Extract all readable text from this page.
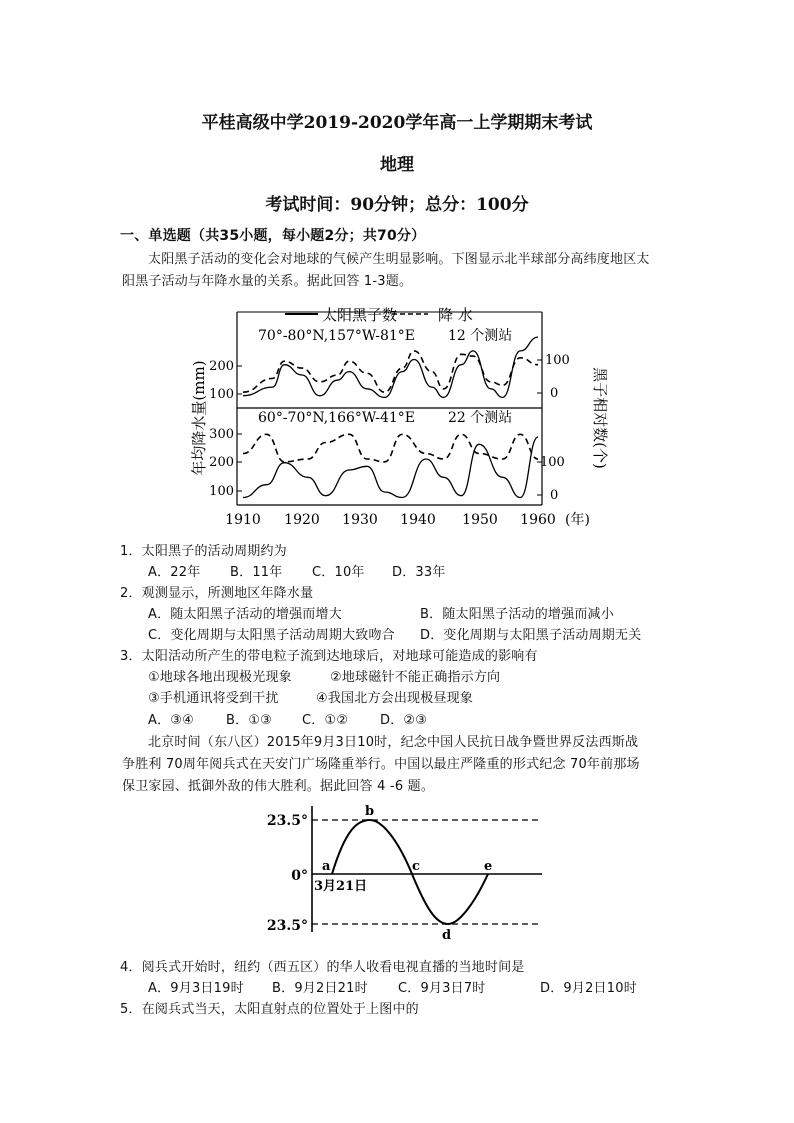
平桂高级中学2019-2020学年高一上学期期末考试
地理
考试时间：90分钟；总分：100分
一、单选题（共35小题，每小题2分；共70分）
太阳黑子活动的变化会对地球的气候产生明显影响。下图显示北半球部分高纬度地区太
阳黑子活动与年降水量的关系。据此回答 1-3题。
太阳黑子数	降 水
70°-80°N,157°W-81°E 12 个测站
60°-70°N,166°W-41°E 22 个测站
年均降水量(mm)	黑子相对数(个)
200
100
300
200
100
100
0
100
0
1910 1920 1930 1940 1950 1960 (年)
1．太阳黑子的活动周期约为
A．22年 B．11年 C．10年 D．33年
2．观测显示，所测地区年降水量
A．随太阳黑子活动的增强而增大	B．随太阳黑子活动的增强而减小
C．变化周期与太阳黑子活动周期大致吻合 D．变化周期与太阳黑子活动周期无关
3．太阳活动所产生的带电粒子流到达地球后，对地球可能造成的影响有
①地球各地出现极光现象	②地球磁针不能正确指示方向
③手机通讯将受到干扰	④我国北方会出现极昼现象
A．③④ B．①③ C．①② D．②③
北京时间（东八区）2015年9月3日10时，纪念中国人民抗日战争暨世界反法西斯战
争胜利 70周年阅兵式在天安门广场隆重举行。中国以最庄严隆重的形式纪念 70年前那场
保卫家园、抵御外敌的伟大胜利。据此回答 4 -6 题。
23.5°
0°
23.5°
3月21日
a
b
c
d
e
4．阅兵式开始时，纽约（西五区）的华人收看电视直播的当地时间是
A．9月3日19时 B．9月2日21时 C．9月3日7时	D．9月2日10时
5．在阅兵式当天，太阳直射点的位置处于上图中的
